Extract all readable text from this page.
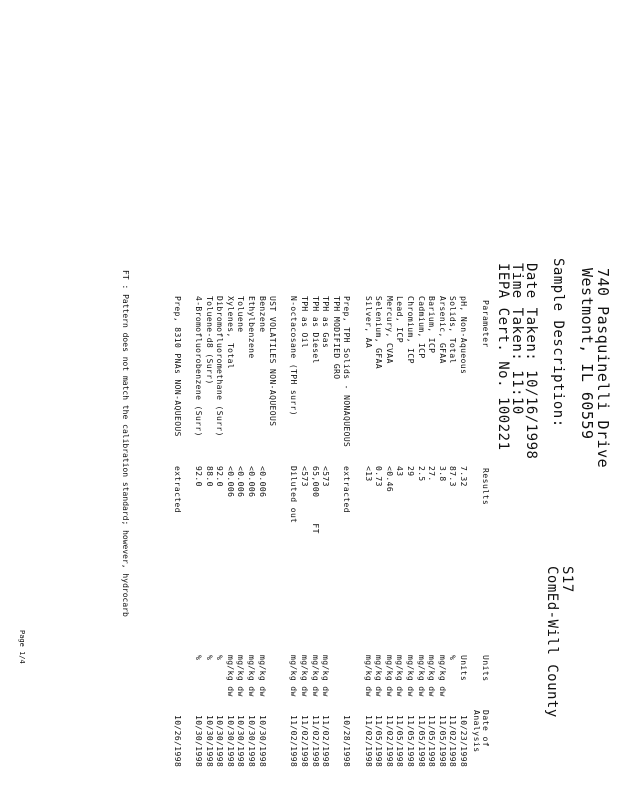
740 Pasquinelli Drive
Westmont, IL 60559
Sample Description:
S17
ComEd-Will County
Date Taken: 10/16/1998
Time Taken: 11:10
IEPA Cert. No. 100221
Parameter
Results
Units
Date of Analysis
pH, Non-Aqueous
7.32
Units
10/23/1998
Solids, Total
87.3
%
11/02/1998
Arsenic, GFAA
3.8
mg/kg dw
11/05/1998
Barium, ICP
27.
mg/kg dw
11/05/1998
Cadmium, ICP
2.5
mg/kg dw
11/05/1998
Chromium, ICP
29
mg/kg dw
11/05/1998
Lead, ICP
43
mg/kg dw
11/05/1998
Mercury, CVAA
<0.46
mg/kg dw
11/02/1998
Selenium, GFAA
0.73
mg/kg dw
11/05/1998
Silver, AA
<13
mg/kg dw
11/02/1998
Prep, TPH Solids - NONAQUEOUS
extracted
10/28/1998
TPH MODIFIED GRO
TPH as Gas
<573
mg/kg dw
11/02/1998
TPH as Diesel
65,000     FT
mg/kg dw
11/02/1998
TPH as Oil
<573
mg/kg dw
11/02/1998
N-octacosane (TPH surr)
Diluted out
mg/kg dw
11/02/1998
UST VOLATILES NON-AQUEOUS
Benzene
<0.006
mg/kg dw
10/30/1998
Ethylbenzene
<0.006
mg/kg dw
10/30/1998
Toluene
<0.006
mg/kg dw
10/30/1998
Xylenes, Total
<0.006
mg/kg dw
10/30/1998
Dibromofluoromethane (Surr)
92.0
%
10/30/1998
Toluene-d8 (Surr)
88.0
%
10/30/1998
4-Bromofluorobenzene (Surr)
92.0
%
10/30/1998
Prep, 8310 PNAs NON-AQUEOUS
extracted
10/26/1998
FT : Pattern does not match the calibration standard; however, hydrocarb
Page 1/4
